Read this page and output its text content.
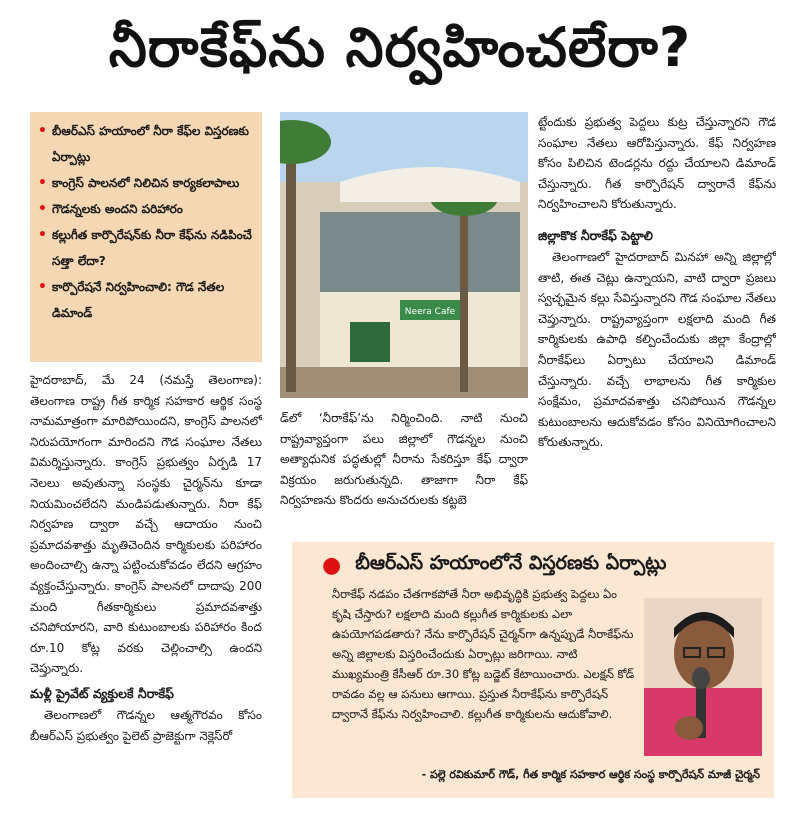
నీరాకేఫ్‌ను నిర్వహించలేరా?
• బీఆర్‌ఎస్ హయాంలో నీరా కేఫ్‌ల విస్తరణకు ఏర్పాట్లు
• కాంగ్రెస్ పాలనలో నిలిచిన కార్యకలాపాలు
• గౌడన్నలకు అందని పరిహారం
• కల్లుగీత కార్పొరేషన్‌కు నీరా కేఫ్‌ను నడిపించే సత్తా లేదా?
• కార్పొరేషనే నిర్వహించాలి: గౌడ నేతల డిమాండ్	Neera Cafe

హైదరాబాద్, మే 24 (నమస్తే తెలంగాణ): తెలంగాణ రాష్ట్ర గీత కార్మిక సహకార ఆర్థిక సంస్థ నామమాత్రంగా మారిపోయిందని, కాంగ్రెస్ పాలనలో నిరుపయోగంగా మారిందని గౌడ సంఘాల నేతలు విమర్శిస్తున్నారు. కాంగ్రెస్ ప్రభుత్వం ఏర్పడి 17 నెలలు అవుతున్నా సంస్థకు చైర్మన్‌ను కూడా నియమించలేదని మండిపడుతున్నారు. నీరా కేఫ్ నిర్వహణ ద్వారా వచ్చే ఆదాయం నుంచి ప్రమాదవశాత్తు మృతిచెందిన కార్మికులకు పరిహారం అందించాల్సి ఉన్నా పట్టించుకోవడం లేదని ఆగ్రహం వ్యక్తంచేస్తున్నారు. కాంగ్రెస్ పాలనలో దాదాపు 200 మంది గీతకార్మికులు ప్రమాదవశాత్తు చనిపోయారని, వారి కుటుంబాలకు పరిహారం కింద రూ.10 కోట్ల వరకు చెల్లించాల్సి ఉందని చెప్తున్నారు.

మళ్లీ ప్రైవేట్ వ్యక్తులకే నీరాకేఫ్

తెలంగాణలో గౌడన్నల ఆత్మగౌరవం కోసం బీఆర్‌ఎస్ ప్రభుత్వం పైలెట్ ప్రాజెక్టుగా నెక్లెస్‌రో

డ్‌లో ‘నీరాకేఫ్’ను నిర్మించింది. నాటి నుంచి రాష్ట్రవ్యాప్తంగా పలు జిల్లాలో గౌడన్నల నుంచి అత్యాధునిక పద్ధతుల్లో నీరాను సేకరిస్తూ కేఫ్ ద్వారా విక్రయం జరుగుతున్నది. తాజాగా నీరా కేఫ్ నిర్వహణను కొందరు అనుచరులకు కట్టబె

ట్టేందుకు ప్రభుత్వ పెద్దలు కుట్ర చేస్తున్నారని గౌడ సంఘాల నేతలు ఆరోపిస్తున్నారు. కేఫ్ నిర్వహణ కోసం పిలిచిన టెండర్లను రద్దు చేయాలని డిమాండ్ చేస్తున్నారు. గీత కార్పొరేషన్ ద్వారానే కేఫ్‌ను నిర్వహించాలని కోరుతున్నారు.

జిల్లాకొక నీరాకేఫ్ పెట్టాలి

తెలంగాణలో హైదరాబాద్ మినహా అన్ని జిల్లాల్లో తాటి, ఈత చెట్లు ఉన్నాయని, వాటి ద్వారా ప్రజలు స్వచ్ఛమైన కల్లు సేవిస్తున్నారని గౌడ సంఘాల నేతలు చెప్తున్నారు. రాష్ట్రవ్యాప్తంగా లక్షలాది మంది గీత కార్మికులకు ఉపాధి కల్పించేందుకు జిల్లా కేంద్రాల్లో నీరాకేఫ్‌లు ఏర్పాటు చేయాలని డిమాండ్ చేస్తున్నారు. వచ్చే లాభాలను గీత కార్మికుల సంక్షేమం, ప్రమాదవశాత్తు చనిపోయిన గౌడన్నల కుటుంబాలను ఆదుకోవడం కోసం వినియోగించాలని కోరుతున్నారు.

● బీఆర్‌ఎస్ హయాంలోనే విస్తరణకు ఏర్పాట్లు
నీరాకేఫ్ నడపం చేతగాకపోతే నీరా అభివృద్ధికి ప్రభుత్వ పెద్దలు ఏం కృషి చేస్తారు? లక్షలాది మంది కల్లుగీత కార్మికులకు ఎలా ఉపయోగపడతారు? నేను కార్పొరేషన్ చైర్మన్‌గా ఉన్నప్పుడే నీరాకేఫ్‌ను అన్ని జిల్లాలకు విస్తరించేందుకు ఏర్పాట్లు జరిగాయి. నాటి ముఖ్యమంత్రి కేసీఆర్ రూ.30 కోట్ల బడ్జెట్ కేటాయించారు. ఎలక్షన్ కోడ్ రావడం వల్ల ఆ పనులు ఆగాయి. ప్రస్తుత నీరాకేఫ్‌ను కార్పొరేషన్ ద్వారానే కేఫ్‌ను నిర్వహించాలి. కల్లుగీత కార్మికులను ఆదుకోవాలి.
- పల్లె రవికుమార్ గౌడ్, గీత కార్మిక సహకార ఆర్థిక సంస్థ కార్పొరేషన్ మాజీ చైర్మన్
